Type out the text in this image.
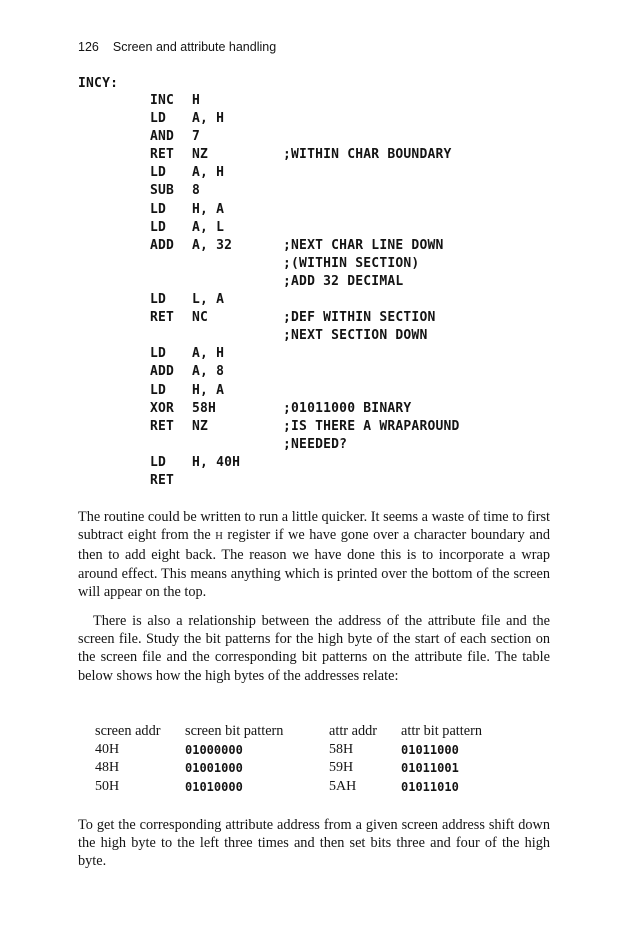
126 Screen and attribute handling
INCY:
INC H
LD A, H
AND 7
RET NZ	;WITHIN CHAR BOUNDARY
LD A, H
SUB 8
LD H, A
LD A, L
ADD A, 32	;NEXT CHAR LINE DOWN
;(WITHIN SECTION)
;ADD 32 DECIMAL
LD L, A
RET NC	;DEF WITHIN SECTION
;NEXT SECTION DOWN
LD A, H
ADD A, 8
LD H, A
XOR 58H	;01011000 BINARY
RET NZ	;IS THERE A WRAPAROUND
;NEEDED?
LD H, 40H
RET
The routine could be written to run a little quicker. It seems a waste of time to first subtract eight from the H register if we have gone over a character boundary and then to add eight back. The reason we have done this is to incorporate a wrap around effect. This means anything which is printed over the bottom of the screen will appear on the top.
There is also a relationship between the address of the attribute file and the screen file. Study the bit patterns for the high byte of the start of each section on the screen file and the corresponding bit patterns on the attribute file. The table below shows how the high bytes of the addresses relate:
screen addr	screen bit pattern	attr addr	attr bit pattern
40H	01000000	58H	01011000
48H	01001000	59H	01011001
50H	01010000	5AH	01011010
To get the corresponding attribute address from a given screen address shift down the high byte to the left three times and then set bits three and four of the high byte.
